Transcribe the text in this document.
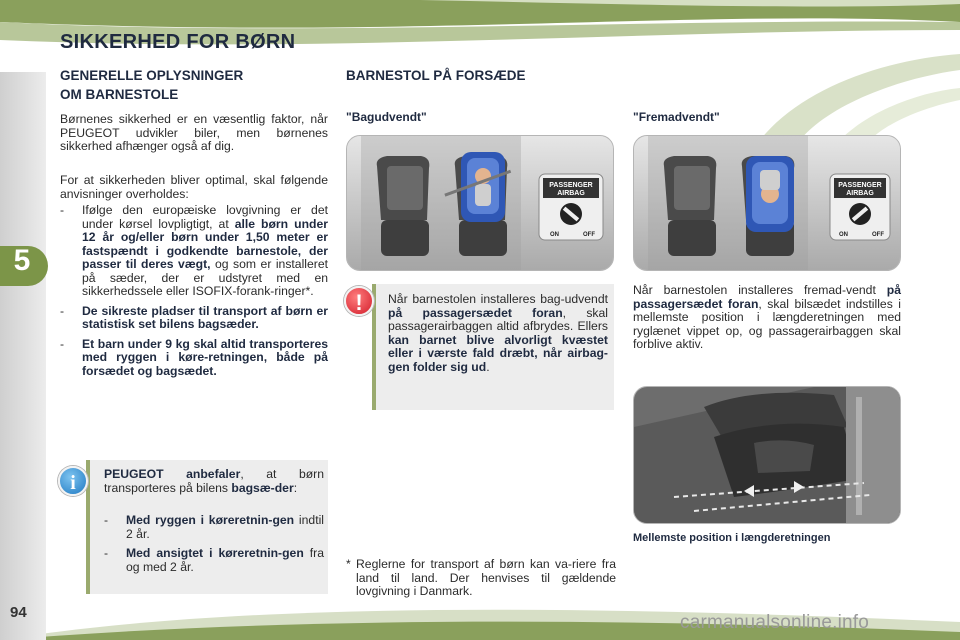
5
94
SIKKERHED FOR BØRN
GENERELLE OPLYSNINGER
OM BARNESTOLE
Børnenes sikkerhed er en væsentlig faktor, når PEUGEOT udvikler biler, men børnenes sikkerhed afhænger også af dig.
For at sikkerheden bliver optimal, skal følgende anvisninger overholdes:
- Ifølge den europæiske lovgivning er det under kørsel lovpligtigt, at alle børn under 12 år og/eller børn under 1,50 meter er fastspændt i godkendte barnestole, der passer til deres vægt, og som er installeret på sæder, der er udstyret med en sikkerhedssele eller ISOFIX-forank-ringer*.
- De sikreste pladser til transport af børn er statistisk set bilens bagsæder.
- Et barn under 9 kg skal altid transporteres med ryggen i køre-retningen, både på forsædet og bagsædet.
PEUGEOT anbefaler, at børn transporteres på bilens bagsæ-der:
- Med ryggen i køreretnin-gen indtil 2 år.
- Med ansigtet i køreretnin-gen fra og med 2 år.
i
BARNESTOL PÅ FORSÆDE
"Bagudvendt"	"Fremadvendt"
PASSENGER
AIRBAG
ON	OFF
PASSENGER
AIRBAG
ON	OFF
Når barnestolen installeres bag-udvendt på passagersædet foran, skal passagerairbaggen altid afbrydes. Ellers kan barnet blive alvorligt kvæstet eller i værste fald dræbt, når airbag-gen folder sig ud.
!	Når barnestolen installeres fremad-vendt på passagersædet foran, skal bilsædet indstilles i mellemste position i længderetningen med ryglænet vippet op, og passagerairbaggen skal forblive aktiv.
Mellemste position i længderetningen
* Reglerne for transport af børn kan va-riere fra land til land. Der henvises til gældende lovgivning i Danmark.
carmanualsonline.info
